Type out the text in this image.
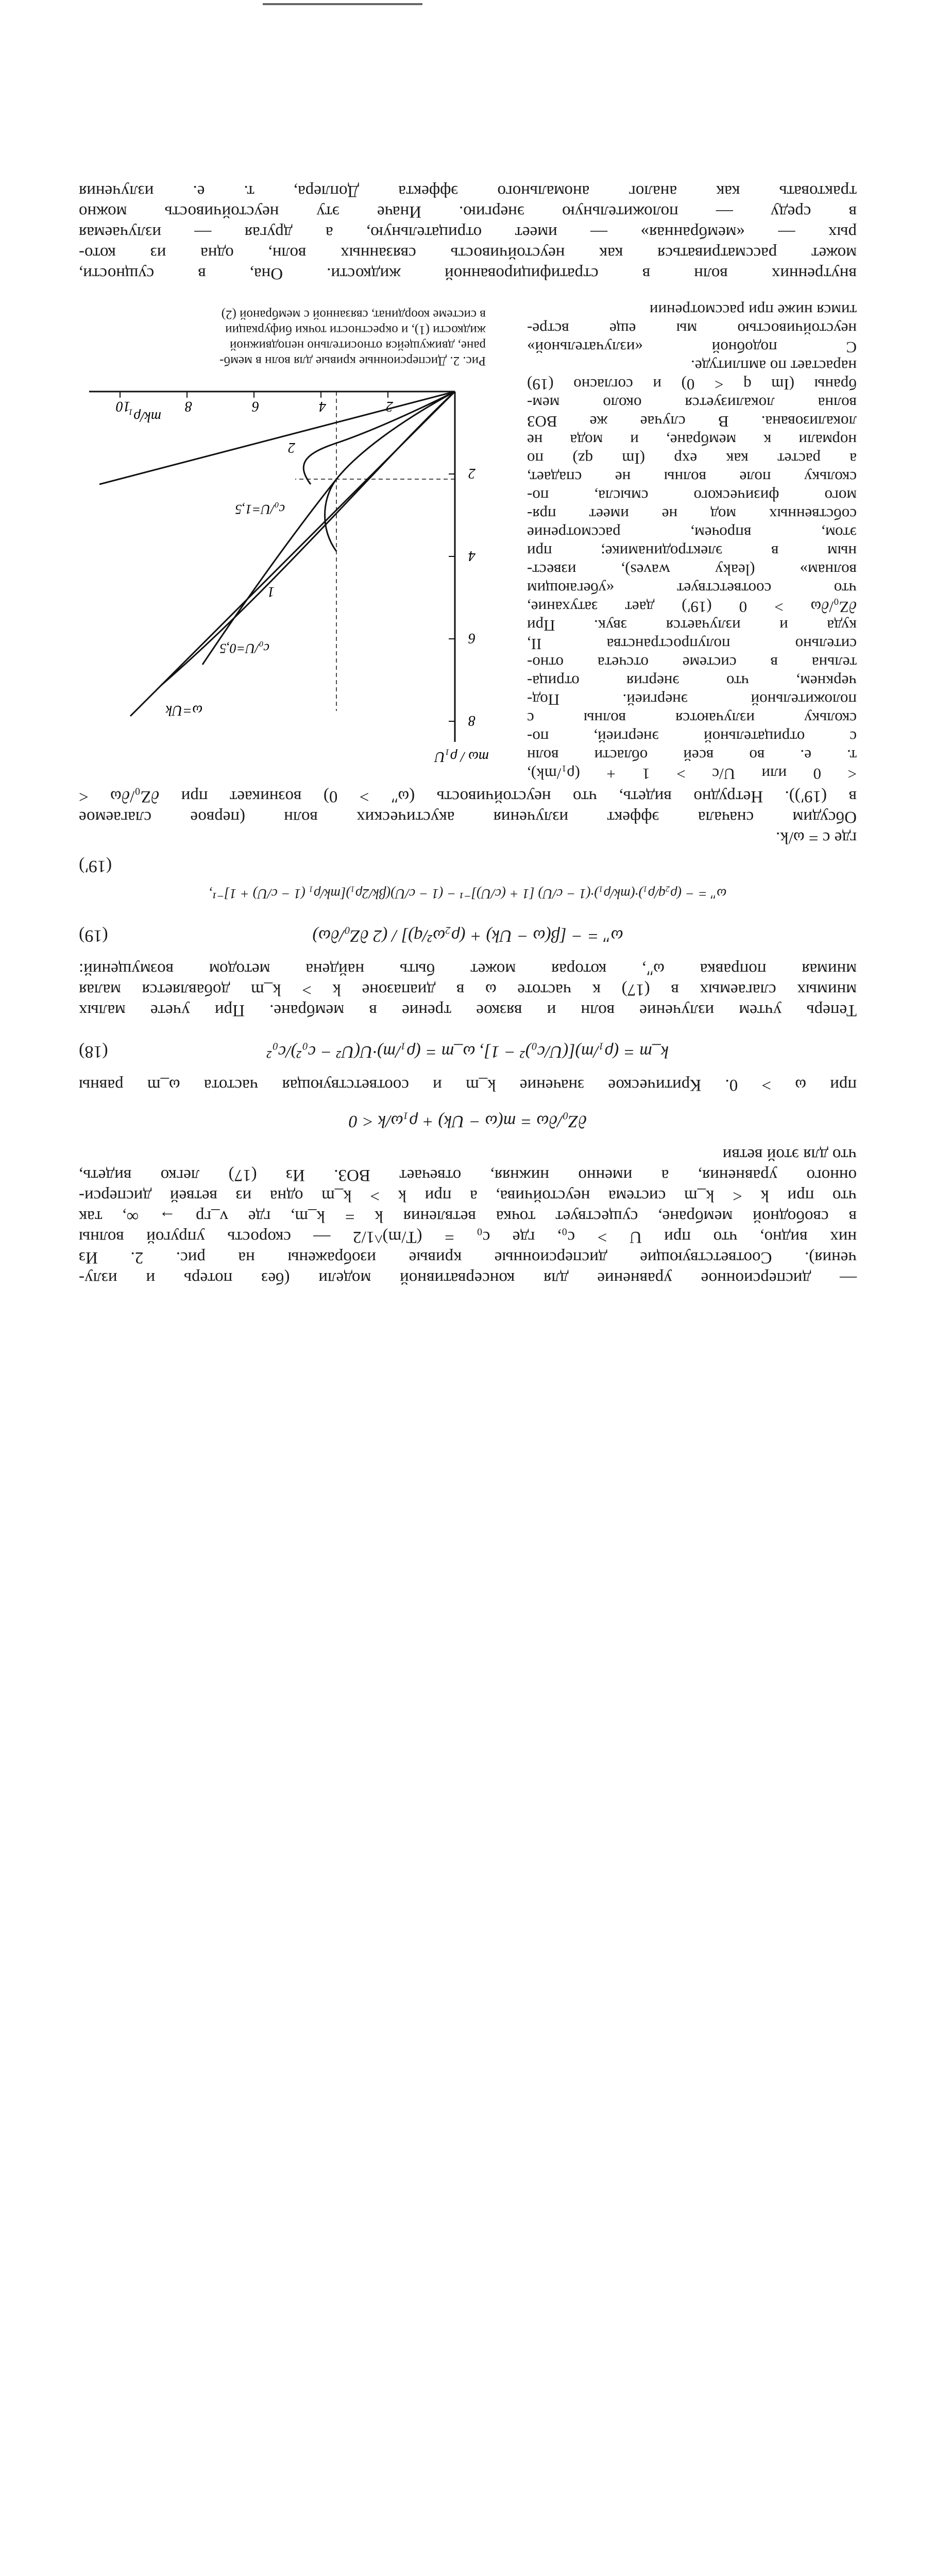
— дисперсионное уравнение для консервативной модели (без потерь и излу-
чения). Соответствующие дисперсионные кривые изображены на рис. 2. Из
них видно, что при U > c₀, где c₀ = (T/m)^1/2 — скорость упругой волны
в свободной мембране, существует точка ветвления k = k_m, где v_гр → ∞, так
что при k < k_m система неустойчива, а при k > k_m одна из ветвей дисперси-
онного уравнения, а именно нижняя, отвечает ВОЗ. Из (17) легко видеть,
что для этой ветви
∂Z₀/∂ω = m(ω − Uk) + ρ₁ω/k < 0
при ω > 0. Критическое значение k_m и соответствующая частота ω_m равны
k_m = (ρ₁/m)[(U/c₀)² − 1], ω_m = (ρ₁/m)·U(U² − c₀²)/c₀²
(18)
Теперь учтем излучение волн и вязкое трение в мембране. При учете малых
мнимых слагаемых в (17) к частоте ω в диапазоне k > k_m добавляется малая
мнимая поправка ω″, которая может быть найдена методом возмущений:
ω″ = − [β(ω − Uk) + (ρ₂ω²/q)] / (2 ∂Z₀/∂ω)
(19)
ω″ = − (ρ₂q/ρ₁)·(mk/ρ₁)·(1 − c/U) [1 + (c/U)]⁻¹ − (1 − c/U)(βk/2ρ₁)[mk/ρ₁ (1 − c/U) + 1]⁻¹,
(19′)
где c = ω/k.
Обсудим сначала эффект излучения акустических волн (первое слагаемое
в (19′)). Нетрудно видеть, что неустойчивость (ω″ > 0) возникает при ∂Z₀/∂ω <
< 0 или U/c > 1 + (ρ₁/mk),
т. е. во всей области волн
с отрицательной энергией, по-
скольку излучаются волны с
положительной энергией. Под-
черкнем, что энергия отрица-
тельна в системе отсчета отно-
сительно полупространства II,
куда и излучается звук. При
∂Z₀/∂ω > 0 (19′) дает затухание,
что соответствует «убегающим
волнам» (leaky waves), извест-
ным в электродинамике; при
этом, впрочем, рассмотрение
собственных мод не имеет пря-
мого физического смысла, по-
скольку поле волны не спадает,
а растет как exp (Im qz) по
нормали к мембране, и мода не
локализована. В случае же ВОЗ
волна локализуется около мем-
браны (Im q < 0) и согласно (19)
нарастает по амплитуде.
С подобной «излучательной»
неустойчивостью мы еще встре-
тимся ниже при рассмотрении
2
4
6
8
2
4
6
8
10
mω / ρ₁U
mk/ρ₁
ω=Uk
c₀/U=0,5
c₀/U=1,5
1
2
Рис. 2. Дисперсионные кривые для волн в мемб-
ране, движущейся относительно неподвижной
жидкости (1), и окрестности точки бифуркации
в системе координат, связанной с мембраной (2)
внутренних волн в стратифицированной жидкости. Она, в сущности,
может рассматриваться как неустойчивость связанных волн, одна из кото-
рых — «мембранная» — имеет отрицательную, а другая — излучаемая
в среду — положительную энергию. Иначе эту неустойчивость можно
трактовать как аналог аномального эффекта Доплера, т. е. излучения
